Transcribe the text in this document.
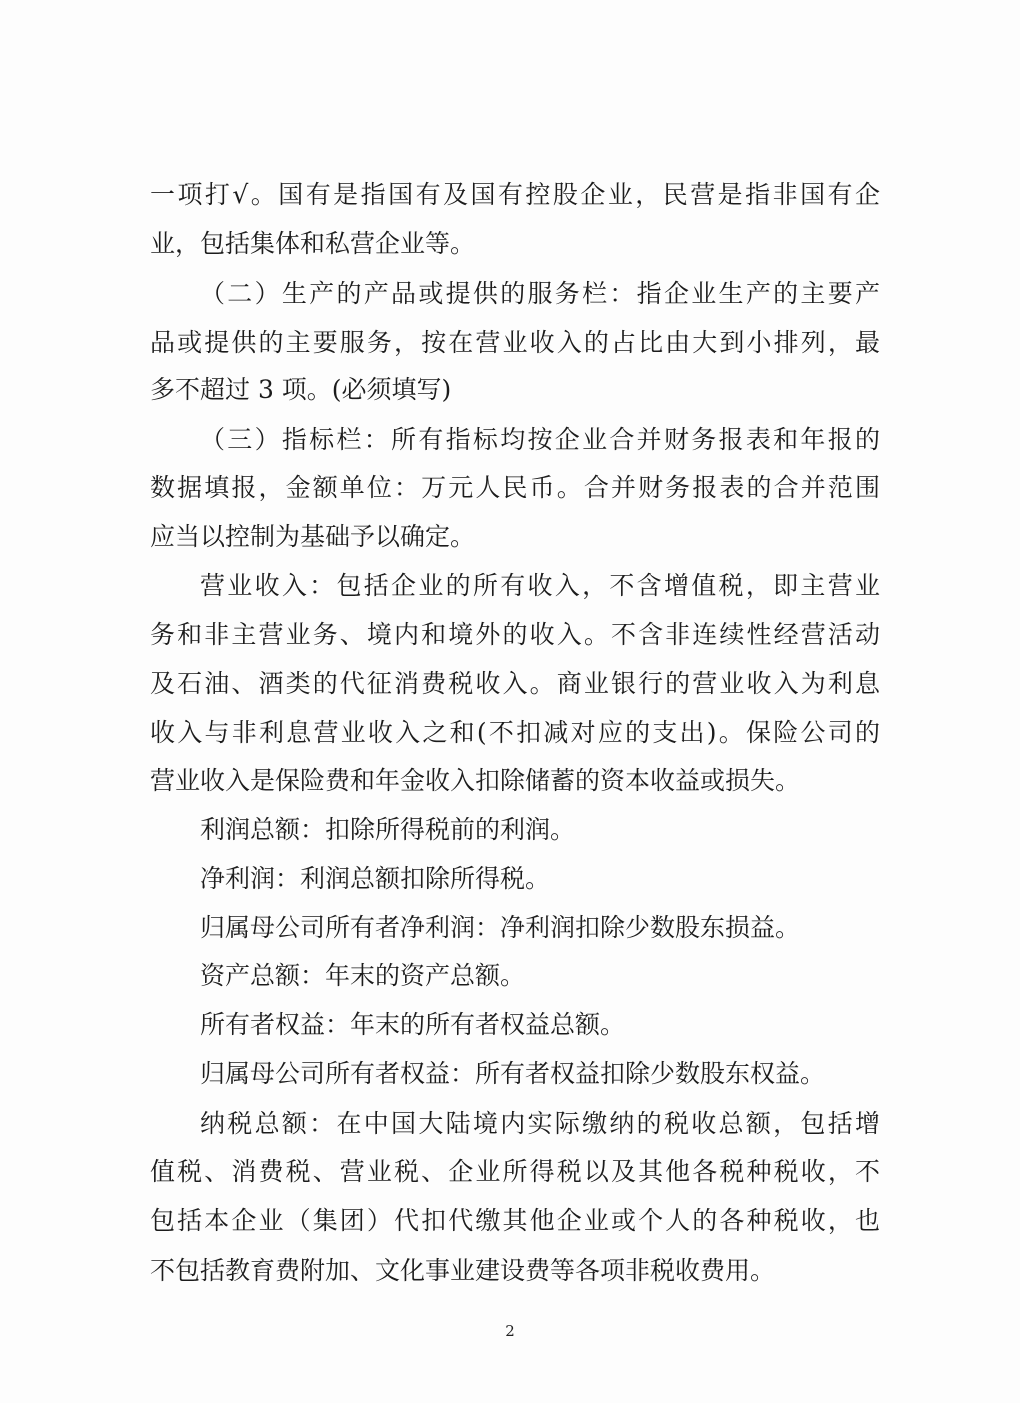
一项打√。国有是指国有及国有控股企业，民营是指非国有企
业，包括集体和私营企业等。
（二）生产的产品或提供的服务栏：指企业生产的主要产
品或提供的主要服务，按在营业收入的占比由大到小排列，最
多不超过 3 项。(必须填写)
（三）指标栏：所有指标均按企业合并财务报表和年报的
数据填报，金额单位：万元人民币。合并财务报表的合并范围
应当以控制为基础予以确定。
营业收入：包括企业的所有收入，不含增值税，即主营业
务和非主营业务、境内和境外的收入。不含非连续性经营活动
及石油、酒类的代征消费税收入。商业银行的营业收入为利息
收入与非利息营业收入之和(不扣减对应的支出)。保险公司的
营业收入是保险费和年金收入扣除储蓄的资本收益或损失。
利润总额：扣除所得税前的利润。
净利润：利润总额扣除所得税。
归属母公司所有者净利润：净利润扣除少数股东损益。
资产总额：年末的资产总额。
所有者权益：年末的所有者权益总额。
归属母公司所有者权益：所有者权益扣除少数股东权益。
纳税总额：在中国大陆境内实际缴纳的税收总额，包括增
值税、消费税、营业税、企业所得税以及其他各税种税收，不
包括本企业（集团）代扣代缴其他企业或个人的各种税收，也
不包括教育费附加、文化事业建设费等各项非税收费用。
2
